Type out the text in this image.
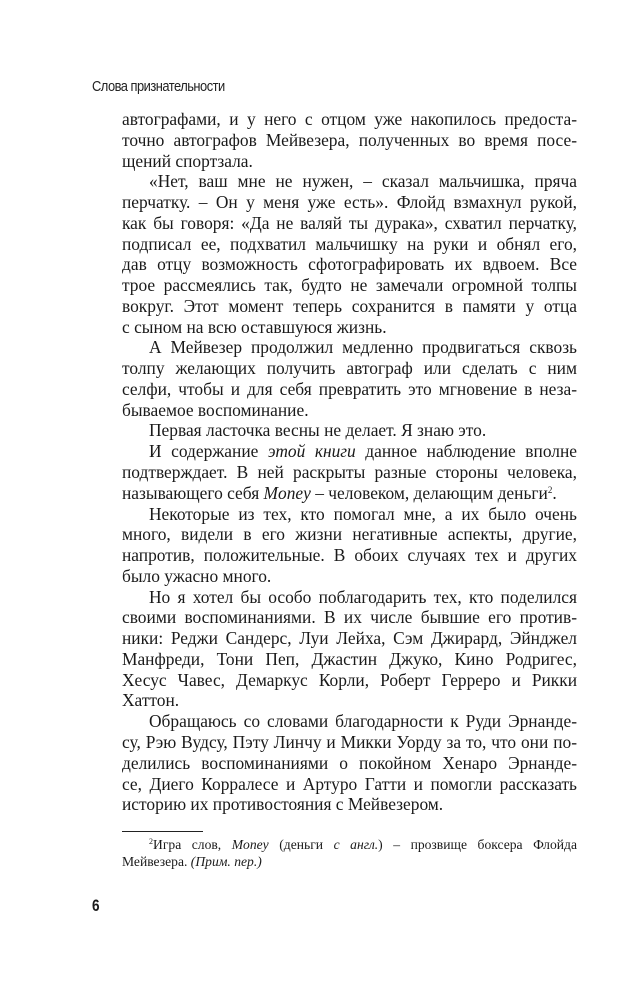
Слова признательности
автографами, и у него с отцом уже накопилось предоста-
точно автографов Мейвезера, полученных во время посе-
щений спортзала.
«Нет, ваш мне не нужен, – сказал мальчишка, пряча
перчатку. – Он у меня уже есть». Флойд взмахнул рукой,
как бы говоря: «Да не валяй ты дурака», схватил перчатку,
подписал ее, подхватил мальчишку на руки и обнял его,
дав отцу возможность сфотографировать их вдвоем. Все
трое рассмеялись так, будто не замечали огромной толпы
вокруг. Этот момент теперь сохранится в памяти у отца
с сыном на всю оставшуюся жизнь.
А Мейвезер продолжил медленно продвигаться сквозь
толпу желающих получить автограф или сделать с ним
селфи, чтобы и для себя превратить это мгновение в неза-
бываемое воспоминание.
Первая ласточка весны не делает. Я знаю это.
И содержание этой книги данное наблюдение вполне
подтверждает. В ней раскрыты разные стороны человека,
называющего себя Money – человеком, делающим деньги$^2$.
Некоторые из тех, кто помогал мне, а их было очень
много, видели в его жизни негативные аспекты, другие,
напротив, положительные. В обоих случаях тех и других
было ужасно много.
Но я хотел бы особо поблагодарить тех, кто поделился
своими воспоминаниями. В их числе бывшие его против-
ники: Реджи Сандерс, Луи Лейха, Сэм Джирард, Эйнджел
Манфреди, Тони Пеп, Джастин Джуко, Кино Родригес,
Хесус Чавес, Демаркус Корли, Роберт Герреро и Рикки
Хаттон.
Обращаюсь со словами благодарности к Руди Эрнанде-
су, Рэю Вудсу, Пэту Линчу и Микки Уорду за то, что они по-
делились воспоминаниями о покойном Хенаро Эрнанде-
се, Диего Корралесе и Артуро Гатти и помогли рассказать
историю их противостояния с Мейвезером.
$^2$Игра слов, Money (деньги с англ.) – прозвище боксера Флойда
Мейвезера. (Прим. пер.)
6
